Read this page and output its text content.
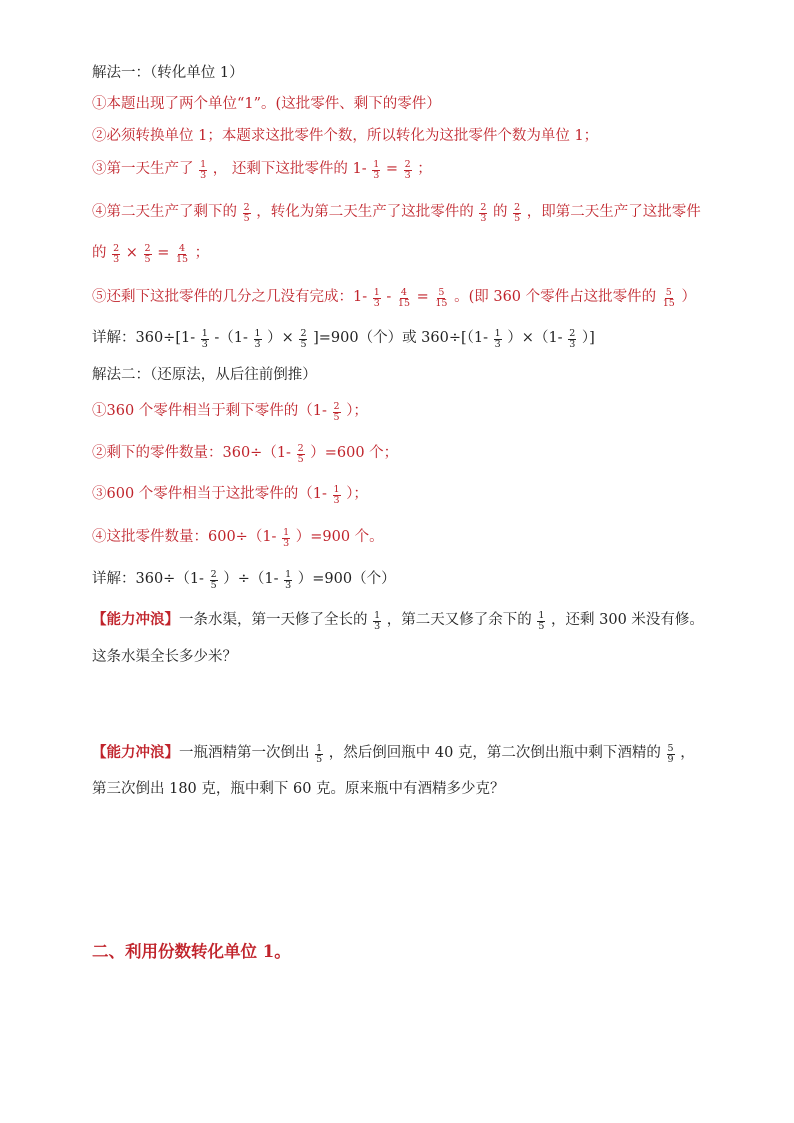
解法一：（转化单位 1）
①本题出现了两个单位“1”。(这批零件、剩下的零件）
②必须转换单位 1；本题求这批零件个数，所以转化为这批零件个数为单位 1；
③第一天生产了 $\frac{1}{3}$ ， 还剩下这批零件的 $1- \frac{1}{3} = \frac{2}{3}$ ；
④第二天生产了剩下的 $\frac{2}{5}$ ，转化为第二天生产了这批零件的 $\frac{2}{3}$ 的 $\frac{2}{5}$ ，即第二天生产了这批零件
的 $\frac{2}{3} \times \frac{2}{5} = \frac{4}{15}$ ；
⑤还剩下这批零件的几分之几没有完成：$1- \frac{1}{3} - \frac{4}{15} = \frac{5}{15}$ 。(即 360 个零件占这批零件的 $\frac{5}{15}$ ）
详解：$360\div[1- \frac{1}{3} -(1- \frac{1}{3}$ ）× $\frac{2}{5} ]=900$（个）或 $360\div[(1- \frac{1}{3} )\times(1- \frac{2}{3}$ ）]
解法二：（还原法，从后往前倒推）
①360 个零件相当于剩下零件的（$1- \frac{2}{5}$ ）；
②剩下的零件数量：$360\div(1- \frac{2}{5} )=600$ 个；
③600 个零件相当于这批零件的（$1- \frac{1}{3}$ ）；
④这批零件数量：$600\div(1- \frac{1}{3} )=900$ 个。
详解：$360\div(1- \frac{2}{5} )\div(1- \frac{1}{3} )=900$（个）
【能力冲浪】一条水渠，第一天修了全长的 $\frac{1}{3}$ ，第二天又修了余下的 $\frac{1}{5}$ ，还剩 300 米没有修。
这条水渠全长多少米？
【能力冲浪】一瓶酒精第一次倒出 $\frac{1}{5}$ ，然后倒回瓶中 40 克，第二次倒出瓶中剩下酒精的 $\frac{5}{9}$ ，
第三次倒出 180 克，瓶中剩下 60 克。原来瓶中有酒精多少克？
二、利用份数转化单位 1。
